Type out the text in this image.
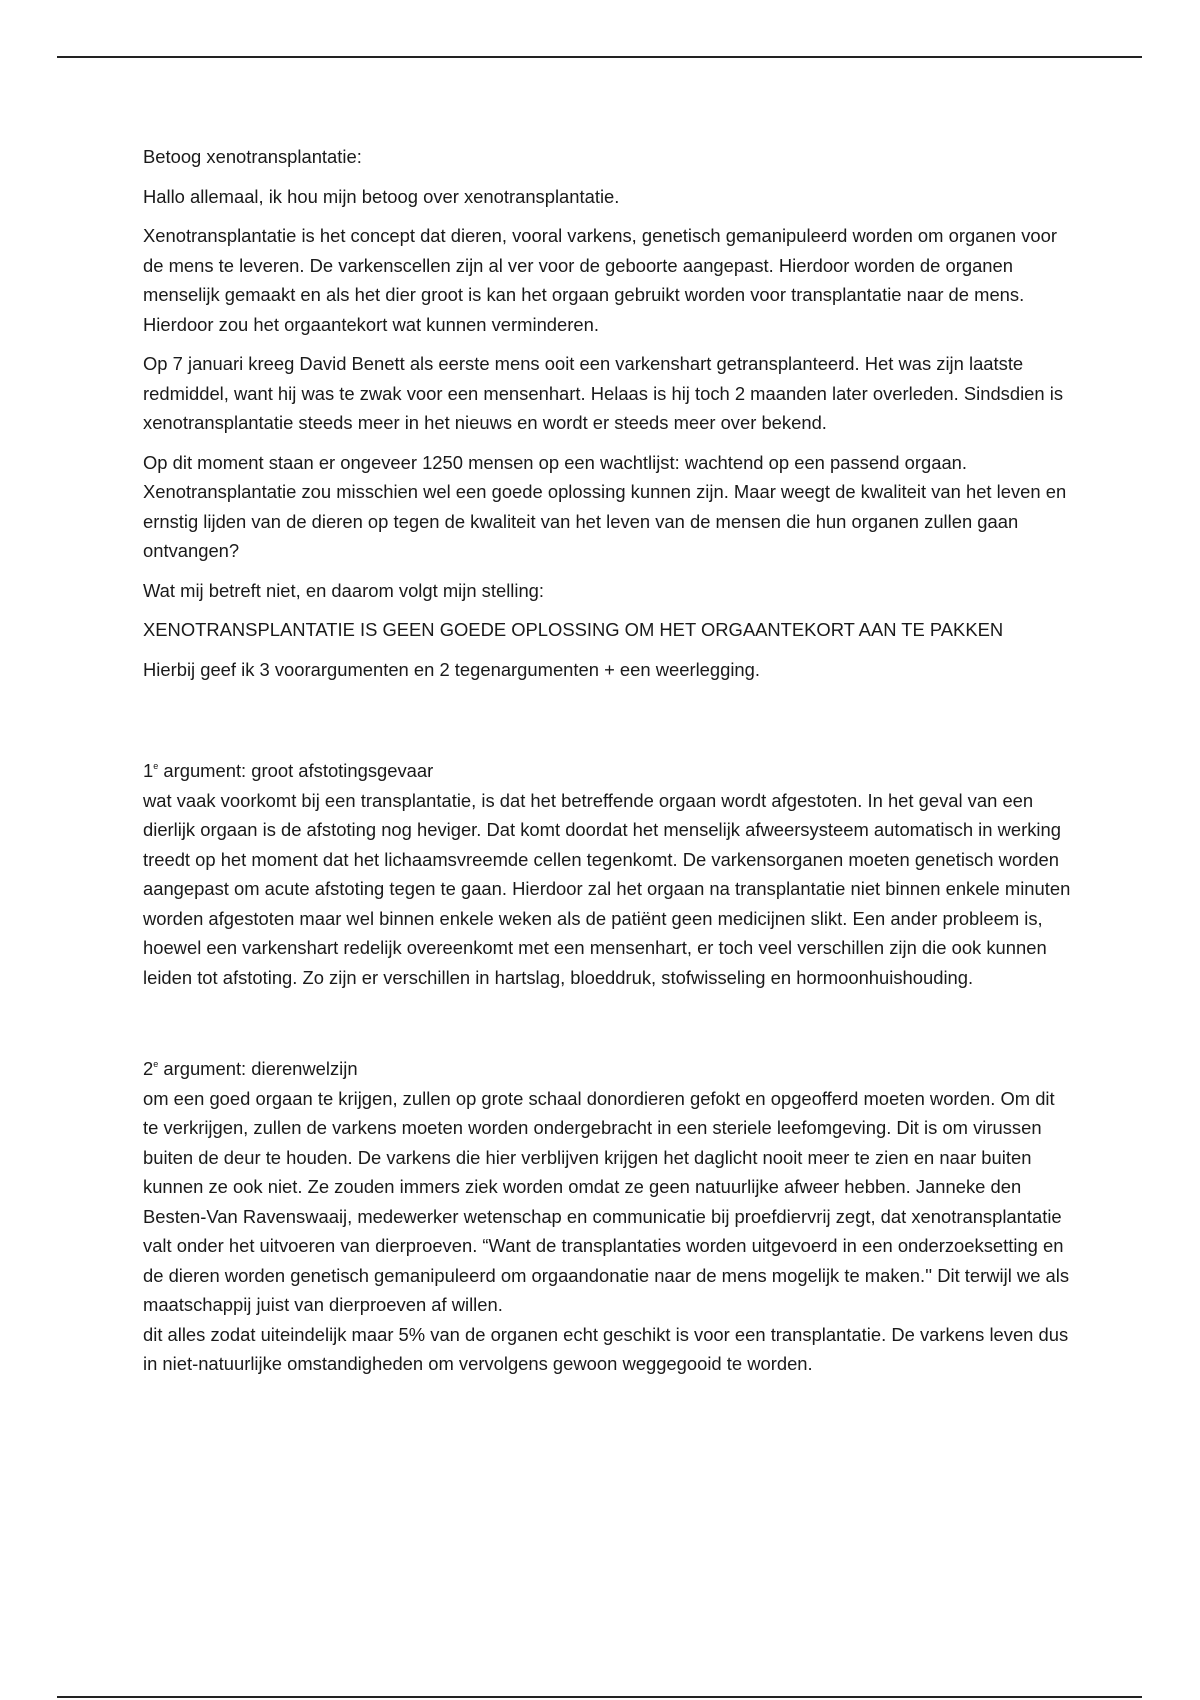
Betoog xenotransplantatie:

Hallo allemaal, ik hou mijn betoog over xenotransplantatie.

Xenotransplantatie is het concept dat dieren, vooral varkens, genetisch gemanipuleerd worden om organen voor de mens te leveren. De varkenscellen zijn al ver voor de geboorte aangepast. Hierdoor worden de organen menselijk gemaakt en als het dier groot is kan het orgaan gebruikt worden voor transplantatie naar de mens. Hierdoor zou het orgaantekort wat kunnen verminderen.

Op 7 januari kreeg David Benett als eerste mens ooit een varkenshart getransplanteerd. Het was zijn laatste redmiddel, want hij was te zwak voor een mensenhart. Helaas is hij toch 2 maanden later overleden. Sindsdien is xenotransplantatie steeds meer in het nieuws en wordt er steeds meer over bekend.

Op dit moment staan er ongeveer 1250 mensen op een wachtlijst: wachtend op een passend orgaan. Xenotransplantatie zou misschien wel een goede oplossing kunnen zijn. Maar weegt de kwaliteit van het leven en ernstig lijden van de dieren op tegen de kwaliteit van het leven van de mensen die hun organen zullen gaan ontvangen?

Wat mij betreft niet, en daarom volgt mijn stelling:

XENOTRANSPLANTATIE IS GEEN GOEDE OPLOSSING OM HET ORGAANTEKORT AAN TE PAKKEN

Hierbij geef ik 3 voorargumenten en 2 tegenargumenten + een weerlegging.

1e argument: groot afstotingsgevaar
wat vaak voorkomt bij een transplantatie, is dat het betreffende orgaan wordt afgestoten. In het geval van een dierlijk orgaan is de afstoting nog heviger. Dat komt doordat het menselijk afweersysteem automatisch in werking treedt op het moment dat het lichaamsvreemde cellen tegenkomt. De varkensorganen moeten genetisch worden aangepast om acute afstoting tegen te gaan. Hierdoor zal het orgaan na transplantatie niet binnen enkele minuten worden afgestoten maar wel binnen enkele weken als de patiënt geen medicijnen slikt. Een ander probleem is, hoewel een varkenshart redelijk overeenkomt met een mensenhart, er toch veel verschillen zijn die ook kunnen leiden tot afstoting. Zo zijn er verschillen in hartslag, bloeddruk, stofwisseling en hormoonhuishouding.
2e argument: dierenwelzijn
om een goed orgaan te krijgen, zullen op grote schaal donordieren gefokt en opgeofferd moeten worden. Om dit te verkrijgen, zullen de varkens moeten worden ondergebracht in een steriele leefomgeving. Dit is om virussen buiten de deur te houden. De varkens die hier verblijven krijgen het daglicht nooit meer te zien en naar buiten kunnen ze ook niet. Ze zouden immers ziek worden omdat ze geen natuurlijke afweer hebben. Janneke den Besten-Van Ravenswaaij, medewerker wetenschap en communicatie bij proefdiervrij zegt, dat xenotransplantatie valt onder het uitvoeren van dierproeven. “Want de transplantaties worden uitgevoerd in een onderzoeksetting en de dieren worden genetisch gemanipuleerd om orgaandonatie naar de mens mogelijk te maken.'' Dit terwijl we als maatschappij juist van dierproeven af willen.
dit alles zodat uiteindelijk maar 5% van de organen echt geschikt is voor een transplantatie. De varkens leven dus in niet-natuurlijke omstandigheden om vervolgens gewoon weggegooid te worden.
